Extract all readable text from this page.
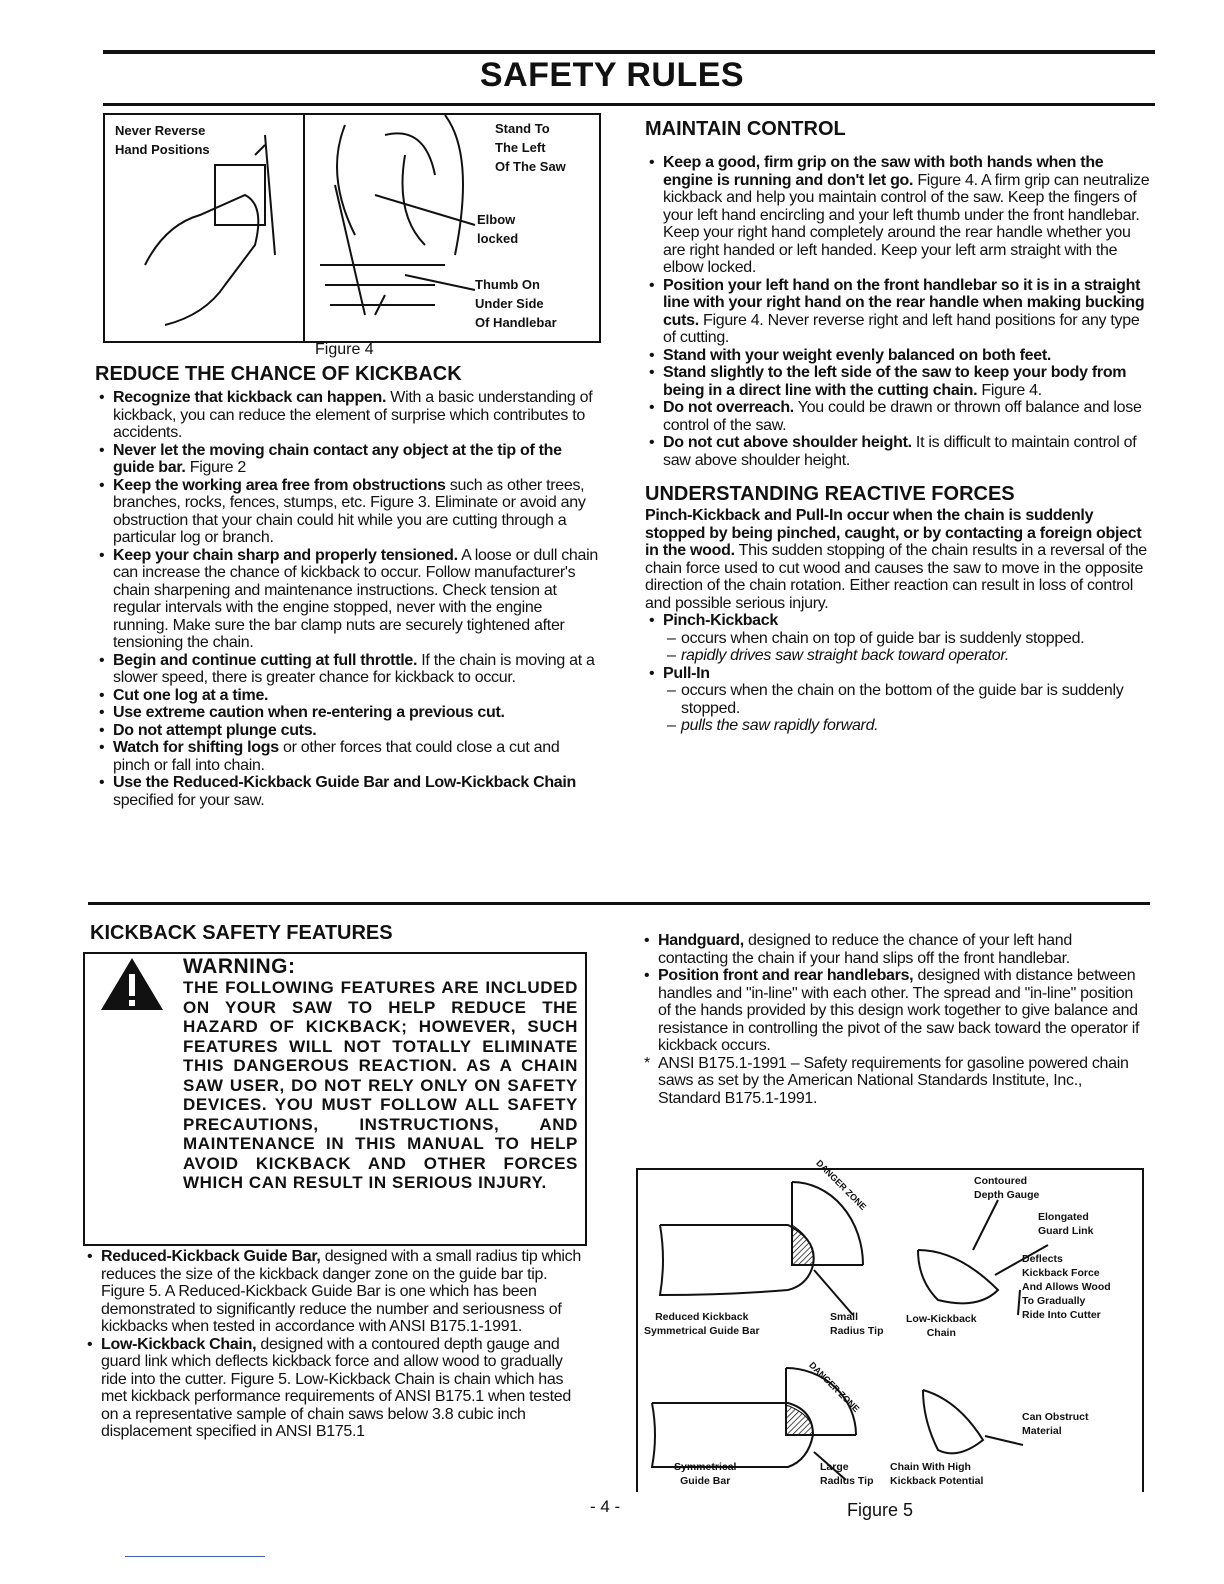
SAFETY RULES
Never Reverse
Hand Positions
Stand To
The Left
Of The Saw
Elbow
locked
Thumb On
Under Side
Of Handlebar
Figure 4
REDUCE THE CHANCE OF KICKBACK
• Recognize that kickback can happen. With a basic understanding of kickback, you can reduce the element of surprise which contributes to accidents.
• Never let the moving chain contact any object at the tip of the guide bar. Figure 2
• Keep the working area free from obstructions such as other trees, branches, rocks, fences, stumps, etc. Figure 3. Eliminate or avoid any obstruction that your chain could hit while you are cutting through a particular log or branch.
• Keep your chain sharp and properly tensioned. A loose or dull chain can increase the chance of kickback to occur. Follow manufacturer's chain sharpening and maintenance instructions. Check tension at regular intervals with the engine stopped, never with the engine running. Make sure the bar clamp nuts are securely tightened after tensioning the chain.
• Begin and continue cutting at full throttle. If the chain is moving at a slower speed, there is greater chance for kickback to occur.
• Cut one log at a time.
• Use extreme caution when re-entering a previous cut.
• Do not attempt plunge cuts.
• Watch for shifting logs or other forces that could close a cut and pinch or fall into chain.
• Use the Reduced-Kickback Guide Bar and Low-Kickback Chain specified for your saw.
MAINTAIN CONTROL
• Keep a good, firm grip on the saw with both hands when the engine is running and don't let go. Figure 4. A firm grip can neutralize kickback and help you maintain control of the saw. Keep the fingers of your left hand encircling and your left thumb under the front handlebar. Keep your right hand completely around the rear handle whether you are right handed or left handed. Keep your left arm straight with the elbow locked.
• Position your left hand on the front handlebar so it is in a straight line with your right hand on the rear handle when making bucking cuts. Figure 4. Never reverse right and left hand positions for any type of cutting.
• Stand with your weight evenly balanced on both feet.
• Stand slightly to the left side of the saw to keep your body from being in a direct line with the cutting chain. Figure 4.
• Do not overreach. You could be drawn or thrown off balance and lose control of the saw.
• Do not cut above shoulder height. It is difficult to maintain control of saw above shoulder height.
UNDERSTANDING REACTIVE FORCES
Pinch-Kickback and Pull-In occur when the chain is suddenly stopped by being pinched, caught, or by contacting a foreign object in the wood. This sudden stopping of the chain results in a reversal of the chain force used to cut wood and causes the saw to move in the opposite direction of the chain rotation. Either reaction can result in loss of control and possible serious injury.
• Pinch-Kickback
– occurs when chain on top of guide bar is suddenly stopped.
– rapidly drives saw straight back toward operator.
• Pull-In
– occurs when the chain on the bottom of the guide bar is suddenly stopped.
– pulls the saw rapidly forward.
KICKBACK SAFETY FEATURES
WARNING:
THE FOLLOWING FEATURES ARE INCLUDED ON YOUR SAW TO HELP REDUCE THE HAZARD OF KICKBACK; HOWEVER, SUCH FEATURES WILL NOT TOTALLY ELIMINATE THIS DANGEROUS REACTION. AS A CHAIN SAW USER, DO NOT RELY ONLY ON SAFETY DEVICES. YOU MUST FOLLOW ALL SAFETY PRECAUTIONS, INSTRUCTIONS, AND MAINTENANCE IN THIS MANUAL TO HELP AVOID KICKBACK AND OTHER FORCES WHICH CAN RESULT IN SERIOUS INJURY.
• Reduced-Kickback Guide Bar, designed with a small radius tip which reduces the size of the kickback danger zone on the guide bar tip. Figure 5. A Reduced-Kickback Guide Bar is one which has been demonstrated to significantly reduce the number and seriousness of kickbacks when tested in accordance with ANSI B175.1-1991.
• Low-Kickback Chain, designed with a contoured depth gauge and guard link which deflects kickback force and allow wood to gradually ride into the cutter. Figure 5. Low-Kickback Chain is chain which has met kickback performance requirements of ANSI B175.1 when tested on a representative sample of chain saws below 3.8 cubic inch displacement specified in ANSI B175.1
• Handguard, designed to reduce the chance of your left hand contacting the chain if your hand slips off the front handlebar.
• Position front and rear handlebars, designed with distance between handles and "in-line" with each other. The spread and "in-line" position of the hands provided by this design work together to give balance and resistance in controlling the pivot of the saw back toward the operator if kickback occurs.
* ANSI B175.1-1991 – Safety requirements for gasoline powered chain saws as set by the American National Standards Institute, Inc., Standard B175.1-1991.
DANGER ZONE
DANGER ZONE
Contoured
Depth Gauge
Elongated
Guard Link
Deflects
Kickback Force
And Allows Wood
To Gradually
Ride Into Cutter
Reduced Kickback
Symmetrical Guide Bar
Small
Radius Tip
Low-Kickback
Chain
Can Obstruct
Material
Symmetrical
Guide Bar
Large
Radius Tip
Chain With High
Kickback Potential
Figure 5
- 4 -
